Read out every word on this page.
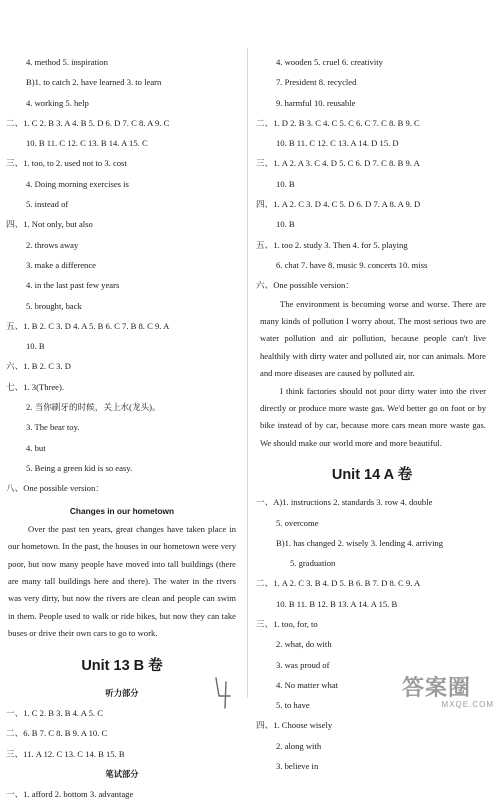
4. method 5. inspiration
B)1. to catch 2. have learned 3. to learn
4. working 5. help
二、1. C 2. B 3. A 4. B 5. D 6. D 7. C 8. A 9. C
10. B 11. C 12. C 13. B 14. A 15. C
三、1. too, to 2. used not to 3. cost
4. Doing morning exercises is
5. instead of
四、1. Not only, but also
2. throws away
3. make a difference
4. in the last past few years
5. brought, back
五、1. B 2. C 3. D 4. A 5. B 6. C 7. B 8. C 9. A
10. B
六、1. B 2. C 3. D
七、1. 3(Three).
2. 当你刷牙的时候，关上水(龙头)。
3. The bear toy.
4. but
5. Being a green kid is so easy.
八、One possible version：
Changes in our hometown
Over the past ten years, great changes have taken place in our hometown. In the past, the houses in our hometown were very poor, but now many people have moved into tall buildings (there are many tall buildings here and there). The water in the rivers was very dirty, but now the rivers are clean and people can swim in them. People used to walk or ride bikes, but now they can take buses or drive their own cars to go to work.
Unit 13 B 卷
听力部分
一、1. C 2. B 3. B 4. A 5. C
二、6. B 7. C 8. B 9. A 10. C
三、11. A 12. C 13. C 14. B 15. B
笔试部分
一、1. afford 2. bottom 3. advantage
4. wooden 5. cruel 6. creativity
7. President 8. recycled
9. harmful 10. reusable
二、1. D 2. B 3. C 4. C 5. C 6. C 7. C 8. B 9. C
10. B 11. C 12. C 13. A 14. D 15. D
三、1. A 2. A 3. C 4. D 5. C 6. D 7. C 8. B 9. A
10. B
四、1. A 2. C 3. D 4. C 5. D 6. D 7. A 8. A 9. D
10. B
五、1. too 2. study 3. Then 4. for 5. playing
6. chat 7. have 8. music 9. concerts 10. miss
六、One possible version：
The environment is becoming worse and worse. There are many kinds of pollution I worry about. The most serious two are water pollution and air pollution, because people can't live healthily with dirty water and polluted air, nor can animals. More and more diseases are caused by polluted air.
I think factories should not pour dirty water into the river directly or produce more waste gas. We'd better go on foot or by bike instead of by car, because more cars mean more waste gas. We should make our world more and more beautiful.
Unit 14 A 卷
一、A)1. instructions 2. standards 3. row 4. double
5. overcome
B)1. has changed 2. wisely 3. lending 4. arriving
5. graduation
二、1. A 2. C 3. B 4. D 5. B 6. B 7. D 8. C 9. A
10. B 11. B 12. B 13. A 14. A 15. B
三、1. too, for, to
2. what, do with
3. was proud of
4. No matter what
5. to have
四、1. Choose wisely
2. along with
3. believe in
答案圈
MXQE.COM
